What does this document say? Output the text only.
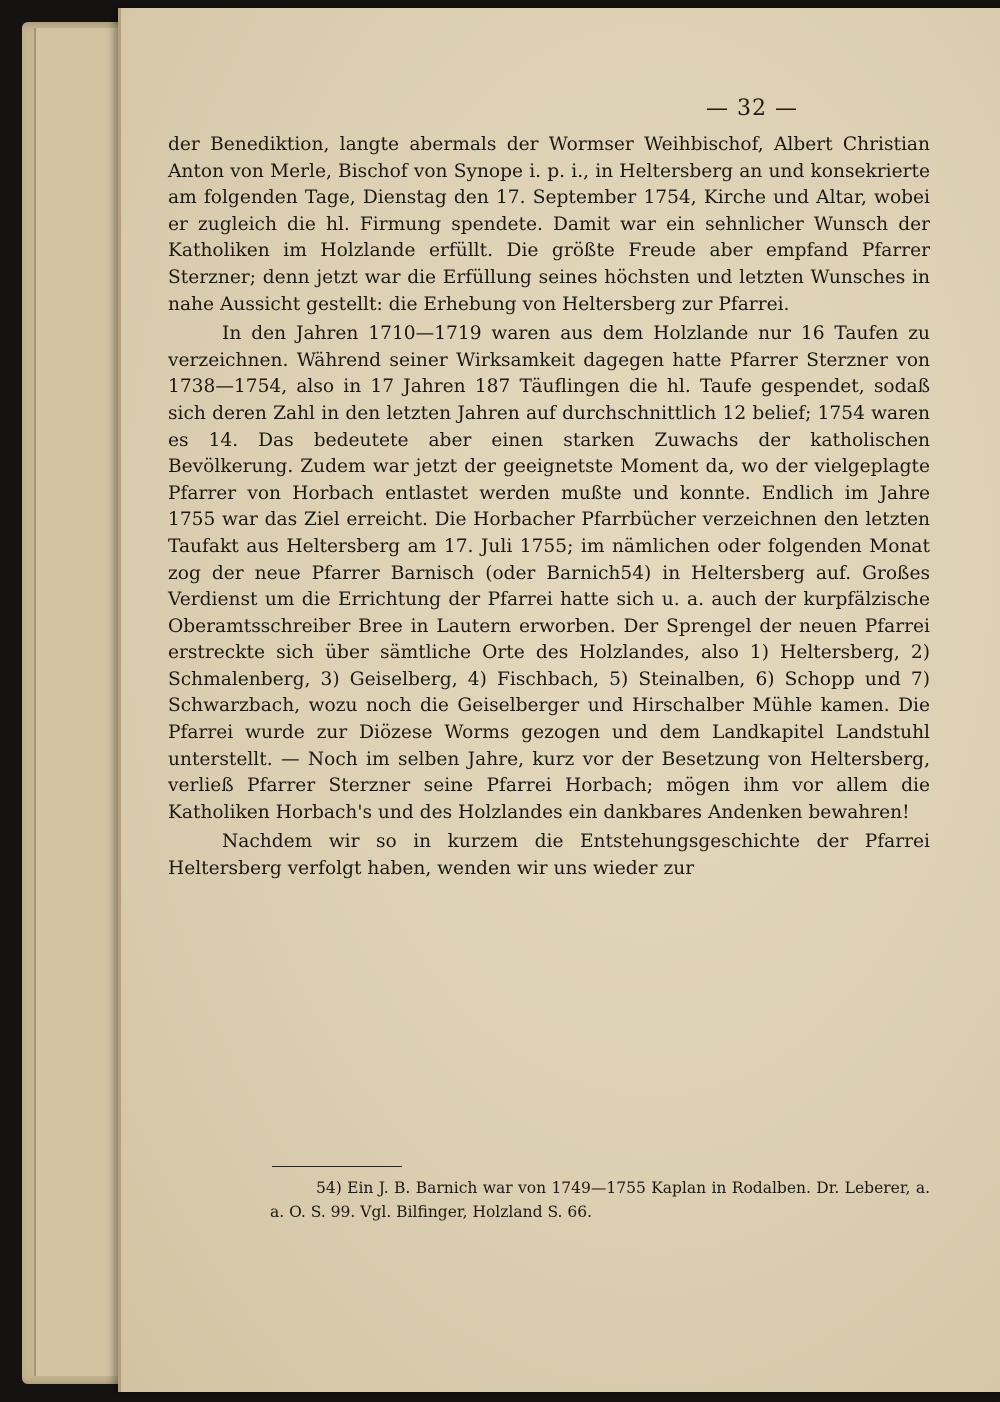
— 32 —

der Benediktion, langte abermals der Wormser Weihbischof, Albert Christian Anton von Merle, Bischof von Synope i. p. i., in Heltersberg an und konsekrierte am folgenden Tage, Dienstag den 17. September 1754, Kirche und Altar, wobei er zugleich die hl. Firmung spendete. Damit war ein sehnlicher Wunsch der Katholiken im Holzlande erfüllt. Die größte Freude aber empfand Pfarrer Sterzner; denn jetzt war die Erfüllung seines höchsten und letzten Wunsches in nahe Aussicht gestellt: die Erhebung von Heltersberg zur Pfarrei.

In den Jahren 1710—1719 waren aus dem Holzlande nur 16 Taufen zu verzeichnen. Während seiner Wirksamkeit dagegen hatte Pfarrer Sterzner von 1738—1754, also in 17 Jahren 187 Täuflingen die hl. Taufe gespendet, sodaß sich deren Zahl in den letzten Jahren auf durchschnittlich 12 belief; 1754 waren es 14. Das bedeutete aber einen starken Zuwachs der katholischen Bevölkerung. Zudem war jetzt der geeignetste Moment da, wo der vielgeplagte Pfarrer von Horbach entlastet werden mußte und konnte. Endlich im Jahre 1755 war das Ziel erreicht. Die Horbacher Pfarrbücher verzeichnen den letzten Taufakt aus Heltersberg am 17. Juli 1755; im nämlichen oder folgenden Monat zog der neue Pfarrer Barnisch (oder Barnich54) in Heltersberg auf. Großes Verdienst um die Errichtung der Pfarrei hatte sich u. a. auch der kurpfälzische Oberamtsschreiber Bree in Lautern erworben. Der Sprengel der neuen Pfarrei erstreckte sich über sämtliche Orte des Holzlandes, also 1) Heltersberg, 2) Schmalenberg, 3) Geiselberg, 4) Fischbach, 5) Steinalben, 6) Schopp und 7) Schwarzbach, wozu noch die Geiselberger und Hirschalber Mühle kamen. Die Pfarrei wurde zur Diözese Worms gezogen und dem Landkapitel Landstuhl unterstellt. — Noch im selben Jahre, kurz vor der Besetzung von Heltersberg, verließ Pfarrer Sterzner seine Pfarrei Horbach; mögen ihm vor allem die Katholiken Horbach's und des Holzlandes ein dankbares Andenken bewahren!

Nachdem wir so in kurzem die Entstehungsgeschichte der Pfarrei Heltersberg verfolgt haben, wenden wir uns wieder zur

54) Ein J. B. Barnich war von 1749—1755 Kaplan in Rodalben. Dr. Leberer, a. a. O. S. 99. Vgl. Bilfinger, Holzland S. 66.
